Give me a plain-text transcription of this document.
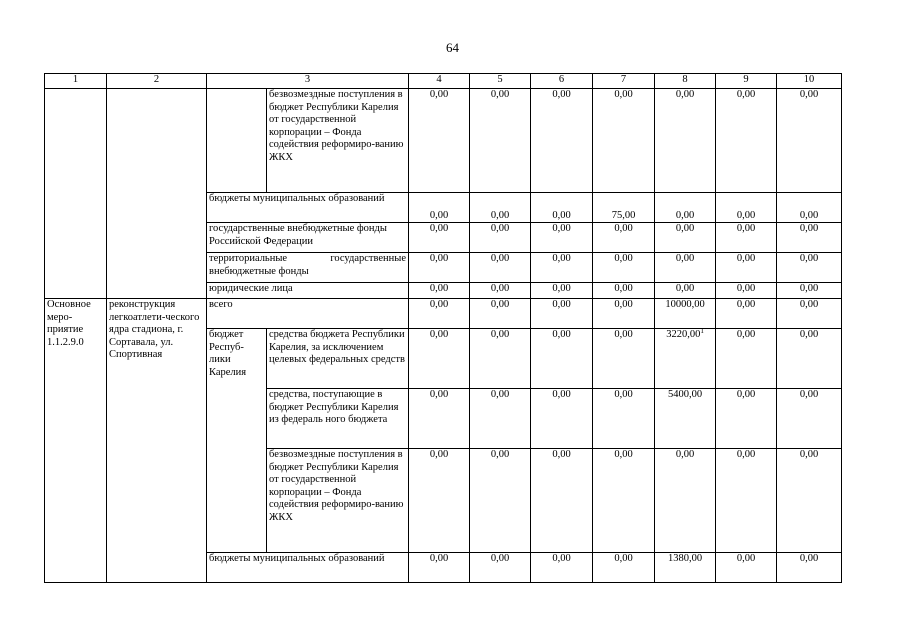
64
1	2	3		4	5	6	7	8	9	10
			безвозмездные поступления в бюджет Республики Карелия от государственной корпорации – Фонда содействия реформиро-ванию ЖКХ	0,00	0,00	0,00	0,00	0,00	0,00	0,00
		бюджеты муниципальных образований		0,00	0,00	0,00	75,00	0,00	0,00	0,00
		государственные внебюджетные фонды Российской Федерации		0,00	0,00	0,00	0,00	0,00	0,00	0,00
		территориальные государственные внебюджетные фонды		0,00	0,00	0,00	0,00	0,00	0,00	0,00
		юридические лица		0,00	0,00	0,00	0,00	0,00	0,00	0,00
Основное меро-приятие 1.1.2.9.0	реконструкция легкоатлети-ческого ядра стадиона, г. Сортавала, ул. Спортивная	всего		0,00	0,00	0,00	0,00	10000,00	0,00	0,00
		бюджет Респуб-лики Карелия	средства бюджета Республики Карелия, за исключением целевых федеральных средств	0,00	0,00	0,00	0,00	3220,00$^1$	0,00	0,00
			средства, поступающие в бюджет Республики Карелия из федераль ного бюджета	0,00	0,00	0,00	0,00	5400,00	0,00	0,00
			безвозмездные поступления в бюджет Республики Карелия от государственной корпорации – Фонда содействия реформиро-ванию ЖКХ	0,00	0,00	0,00	0,00	0,00	0,00	0,00
		бюджеты муниципальных образований		0,00	0,00	0,00	0,00	1380,00	0,00	0,00
